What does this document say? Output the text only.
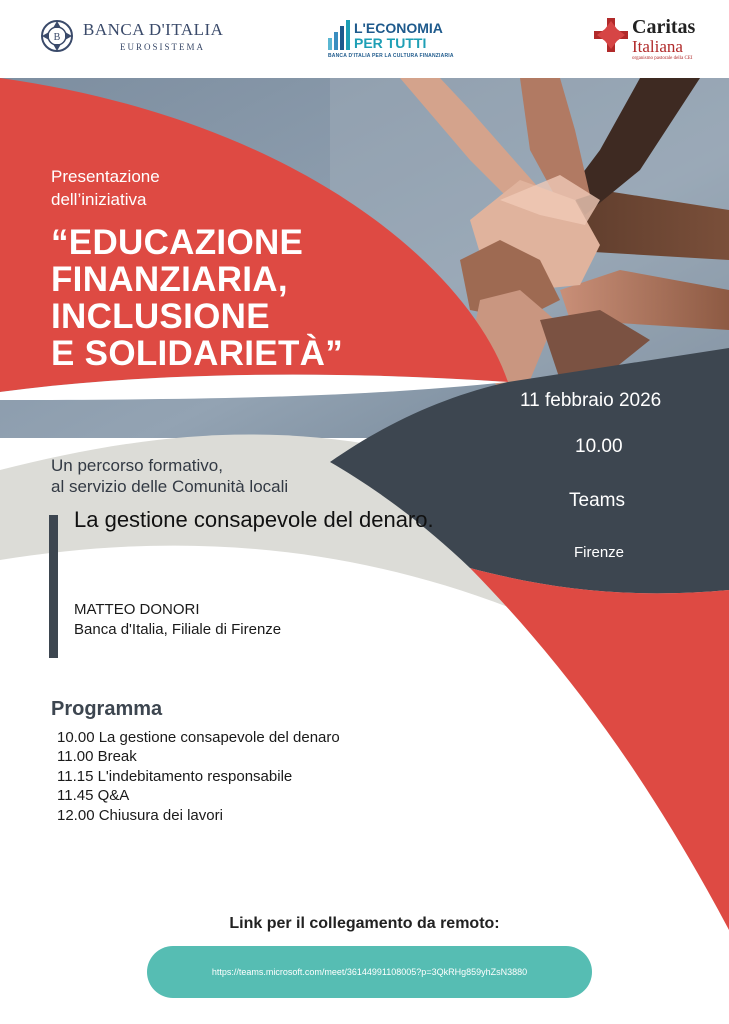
B BANCA D'ITALIA
EUROSISTEMA
L'ECONOMIA
PER TUTTI
BANCA D'ITALIA PER LA CULTURA FINANZIARIA
Caritas
Italiana
organismo pastorale della CEI
Presentazione
dell’iniziativa
“EDUCAZIONE
FINANZIARIA,
INCLUSIONE
E SOLIDARIETÀ”
11 febbraio 2026
10.00
Teams
Firenze
Un percorso formativo,
al servizio delle Comunità locali
La gestione consapevole del denaro.
MATTEO DONORI
Banca d'Italia, Filiale di Firenze
Programma
10.00 La gestione consapevole del denaro
11.00 Break
11.15 L'indebitamento responsabile
11.45 Q&A
12.00 Chiusura dei lavori
Link per il collegamento da remoto:
https://teams.microsoft.com/meet/36144991108005?p=3QkRHg859yhZsN3880
